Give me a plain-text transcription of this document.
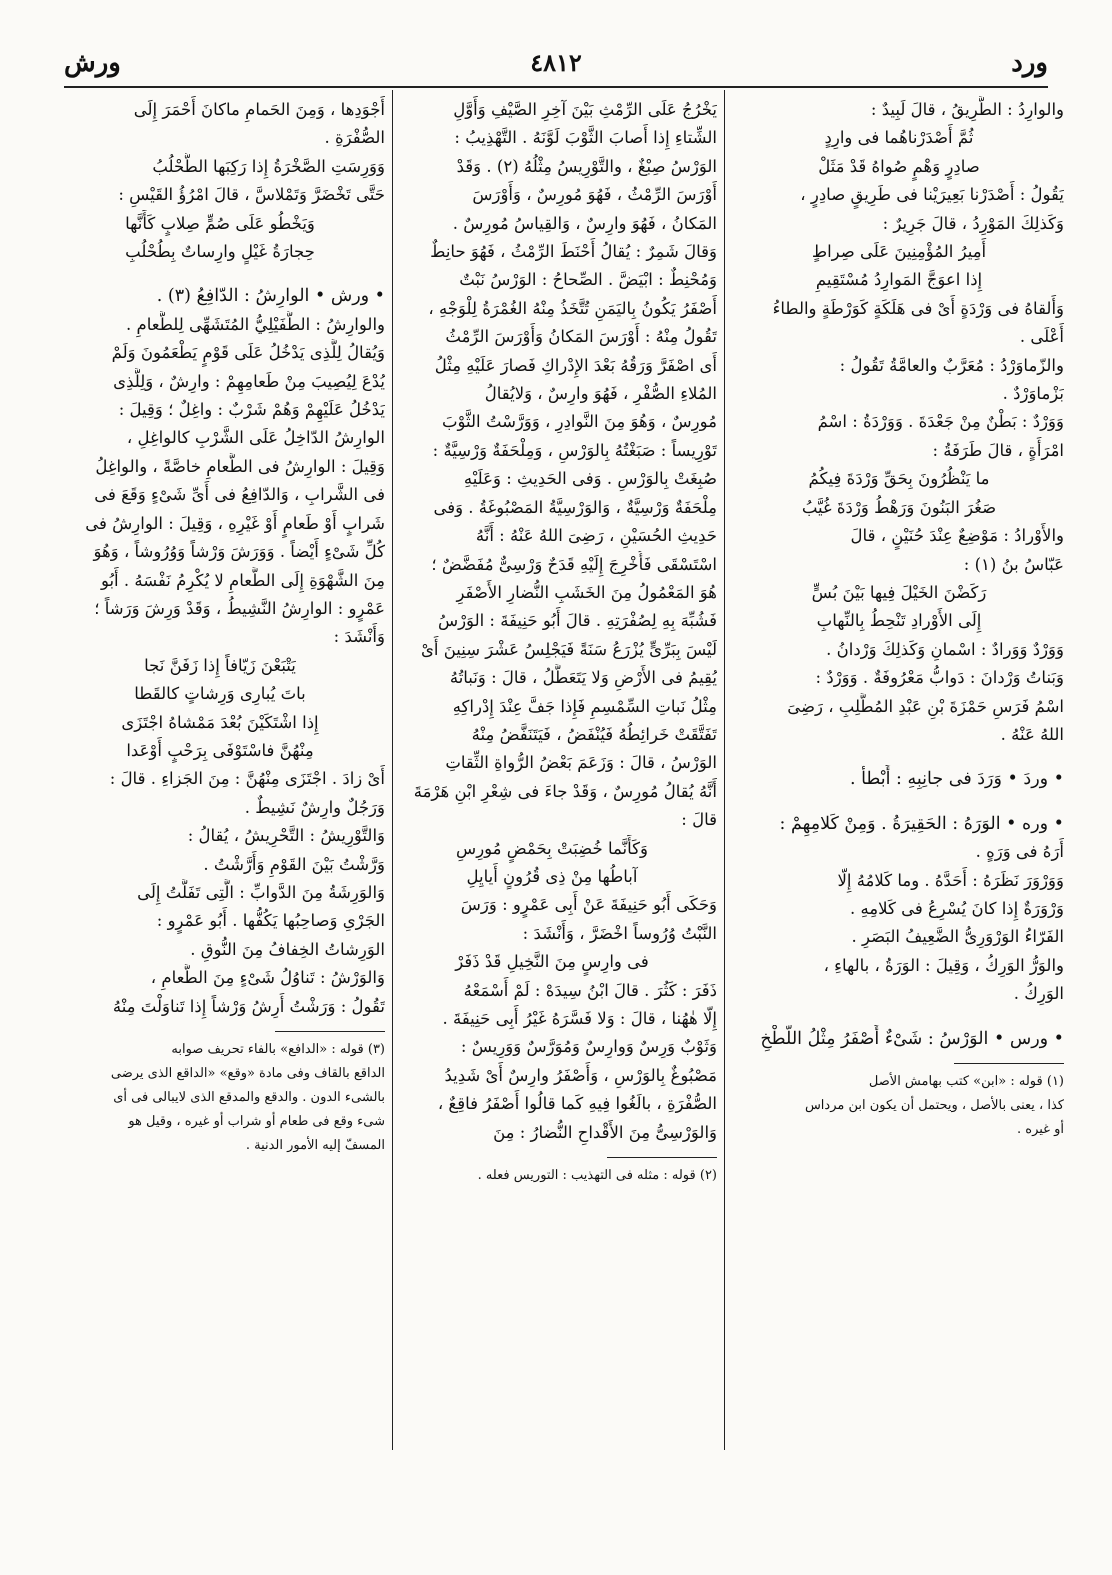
ورد
٤٨١٢
ورش
والوارِدُ : الطَّرِيقُ ، قالَ لَبِيدٌ :
ثُمَّ أَصْدَرْناهُما فى وارِدٍ
صادِرٍ وَهْمٍ صُواهُ قَدْ مَثَلْ
يَقُولُ : أَصْدَرْنا بَعِيرَيْنا فى طَرِيقٍ صادِرٍ ،
وَكَذلِكَ المَوْرِدُ ، قالَ جَرِيرٌ :
أَمِيرُ المُؤْمِنِينَ عَلَى صِراطٍ
إِذا اعوَجَّ المَوارِدُ مُسْتَقِيمِ
وَأَلقاهُ فى وَرْدَةٍ أَىْ فى هَلَكَةٍ كَوَرْطَةٍ والطاءُ
أَعْلَى .
والزّماوَرْدُ : مُعَرَّبٌ والعامَّةُ تَقُولُ :
بَزْماوَرْدٌ .
وَوَرْدٌ : بَطْنٌ مِنْ جَعْدَةَ . وَوَرْدَةُ : اسْمُ
امْرَأَةٍ ، قالَ طَرَفَةُ :
ما يَنْظُرُونَ بِحَقِّ وَرْدَةَ فِيكُمُ
صَغُرَ البَنُونَ وَرَهْطُ وَرْدَةَ غُيَّبُ
والأَوْرادُ : مَوْضِعٌ عِنْدَ حُنَيْنٍ ، قالَ
عَبّاسُ بنُ (١) :
رَكَضْنَ الخَيْلَ فِيها بَيْنَ بُسٍّ
إِلَى الأَوْرادِ تَنْحِطُ بِالنِّهابِ
وَوَرْدٌ وَوَرادٌ : اسْمانِ وَكَذلِكَ وَرْدانُ .
وَبَناتُ وَرْدانَ : دَوابُّ مَعْرُوفَةٌ . وَوَرْدٌ :
اسْمُ فَرَسِ حَمْزَةَ بْنِ عَبْدِ المُطَّلِبِ ، رَضِىَ
اللهُ عَنْهُ .
• وردَ • وَرَدَ فى جانِبِهِ : أَبْطأَ .
• وره • الوَرَهُ : الحَقِيرَةُ . وَمِنْ كَلامِهِمْ :
أَرَهُ فى وَرَهٍ .
وَوَرْوَرَ نَظَرَهُ : أَحَدَّهُ . وما كَلامُهُ إِلّا
وَرْوَرَةٌ إِذا كانَ يُسْرِعُ فى كَلامِهِ .
الفَرّاءُ الوَرْوَرِىُّ الضَّعِيفُ البَصَرِ .
والوَرُّ الوَرِكُ ، وَقِيلَ : الوَرَةُ ، بالهاءِ ،
الوَرِكُ .
• ورس • الوَرْسُ : شَىْءٌ أَصْفَرُ مِثْلُ اللَّطْخِ
(١) قوله : «ابن» كتب بهامش الأصل
كذا ، يعنى بالأصل ، ويحتمل أن يكون ابن مرداس
أو غيره .
يَخْرُجُ عَلَى الرِّمْثِ بَيْنَ آخِرِ الصَّيْفِ وَأَوَّلِ
الشِّتاءِ إِذا أَصابَ الثَّوْبَ لَوَّنَهُ . التَّهْذِيبُ :
الوَرْسُ صِبْغٌ ، والتَّوْرِيسُ مِثْلُهُ (٢) . وَقَدْ
أَوْرَسَ الرِّمْثُ ، فَهُوَ مُورِسٌ ، وَأَوْرَسَ
المَكانُ ، فَهُوَ وارِسٌ ، وَالقِياسُ مُورِسٌ .
وَقالَ شَمِرٌ : يُقالُ أَحْنَطَ الرِّمْثُ ، فَهُوَ حانِطٌ
وَمُحْنِطٌ : ابْيَضَّ . الصِّحاحُ : الوَرْسُ نَبْتٌ
أَصْفَرُ يَكُونُ بِاليَمَنِ تُتَّخَذُ مِنْهُ الغُمْرَةُ لِلْوَجْهِ ،
تَقُولُ مِنْهُ : أَوْرَسَ المَكانُ وَأَوْرَسَ الرِّمْثُ
أَى اصْفَرَّ وَرَقُهُ بَعْدَ الإِدْراكِ فَصارَ عَلَيْهِ مِثْلُ
المُلاءِ الصُّفْرِ ، فَهُوَ وارِسٌ ، وَلايُقالُ
مُورِسٌ ، وَهُوَ مِنَ النَّوادِرِ ، وَوَرَّسْتُ الثَّوْبَ
تَوْرِيساً : صَبَغْتُهُ بِالوَرْسِ ، وَمِلْحَفَةٌ وَرْسِيَّةٌ :
صُبِغَتْ بِالوَرْسِ . وَفى الحَدِيثِ : وَعَلَيْهِ
مِلْحَفَةٌ وَرْسِيَّةٌ ، وَالوَرْسِيَّةُ المَصْبُوغَةُ . وَفى
حَدِيثِ الحُسَيْنِ ، رَضِىَ اللهُ عَنْهُ : أَنَّهُ
اسْتَسْقَى فَأُخْرِجَ إِلَيْهِ قَدَحٌ وَرْسِىٌّ مُفَضَّضٌ ؛
هُوَ المَعْمُولُ مِنَ الخَشَبِ النُّضارِ الأَصْفَرِ
فَشُبِّهَ بِهِ لِصُفْرَتِهِ . قالَ أَبُو حَنِيفَةَ : الوَرْسُ
لَيْسَ بِبَرِّىٍّ يُزْرَعُ سَنَةً فَيَجْلِسُ عَشْرَ سِنِينَ أَىْ
يُقِيمُ فى الأَرْضِ وَلا يَتَعَطَّلُ ، قالَ : وَنَباتُهُ
مِثْلُ نَباتِ السِّمْسِمِ فَإِذا جَفَّ عِنْدَ إِدْراكِهِ
تَفَتَّقَتْ خَرائِطُهُ فَيُنْفَضُ ، فَيَتَنَفَّضُ مِنْهُ
الوَرْسُ ، قالَ : وَزَعَمَ بَعْضُ الرُّواةِ الثِّقاتِ
أَنَّهُ يُقالُ مُورِسٌ ، وَقَدْ جاءَ فى شِعْرِ ابْنِ هَرْمَةَ
قالَ :
وَكَأَنَّما خُضِبَتْ بِحَمْضٍ مُورِسِ
آباطُها مِنْ ذِى قُرُونٍ أَيايِلِ
وَحَكَى أَبُو حَنِيفَةَ عَنْ أَبِى عَمْرٍو : وَرَسَ
النَّبْتُ وُرُوساً اخْضَرَّ ، وَأَنْشَدَ :
فى وارِسٍ مِنَ النَّخِيلِ قَدْ ذَفَرْ
ذَفَرَ : كَثُرَ . قالَ ابْنُ سِيدَهْ : لَمْ أَسْمَعْهُ
إِلّا هٰهُنا ، قالَ : وَلا فَسَّرَهُ غَيْرُ أَبِى حَنِيفَةَ .
وَثَوْبٌ وَرِسٌ وَوارِسٌ وَمُوَرَّسٌ وَوَرِيسٌ :
مَصْبُوغٌ بِالوَرْسِ ، وَأَصْفَرُ وارِسٌ أَىْ شَدِيدُ
الصُّفْرَةِ ، بالَغُوا فِيهِ كَما قالُوا أَصْفَرُ فاقِعٌ ،
وَالوَرْسِىُّ مِنَ الأَقْداحِ النُّضارُ : مِنَ
(٢) قوله : مثله فى التهذيب : التوريس فعله .
أَجْوَدِها ، وَمِنَ الحَمامِ ماكانَ أَحْمَرَ إِلَى
الصُّفْرَةِ .
وَوَرِسَتِ الصَّخْرَةُ إِذا رَكِبَها الطُّحْلُبُ
حَتَّى تَخْضَرَّ وَتَمْلاسَّ ، قالَ امْرُؤُ القَيْسِ :
وَيَخْطُو عَلَى صُمٍّ صِلابٍ كَأَنَّها
حِجارَةُ غَيْلٍ وارِساتٌ بِطُحْلُبِ
• ورش • الوارِشُ : الدّافِعُ (٣) .
والوارِشُ : الطُّفَيْلِيُّ المُتَشَهِّى لِلطَّعامِ .
وَيُقالُ لِلَّذِى يَدْخُلُ عَلَى قَوْمٍ يَطْعَمُونَ وَلَمْ
يُدْعَ لِيُصِيبَ مِنْ طَعامِهِمْ : وارِشٌ ، وَلِلَّذِى
يَدْخُلُ عَلَيْهِمْ وَهُمْ شَرْبٌ : واغِلٌ ؛ وَقِيلَ :
الوارِشُ الدّاخِلُ عَلَى الشَّرْبِ كالواغِلِ ،
وَقِيلَ : الوارِشُ فى الطَّعامِ خاصَّةً ، والواغِلُ
فى الشَّرابِ ، وَالدّافِعُ فى أَىِّ شَىْءٍ وَقَعَ فى
شَرابٍ أَوْ طَعامٍ أَوْ غَيْرِهِ ، وَقِيلَ : الوارِشُ فى
كُلِّ شَىْءٍ أَيْضاً . وَوَرَشَ وَرْشاً وَوُرُوشاً ، وَهُوَ
مِنَ الشَّهْوَةِ إِلَى الطَّعامِ لا يُكْرِمُ نَفْسَهُ . أَبُو
عَمْرٍو : الوارِشُ النَّشِيطُ ، وَقَدْ وَرِشَ وَرَشاً ؛
وَأَنْشَدَ :
يَتْبَعْنَ زَيّافاً إِذا زَفَنَّ نَجا
باتَ يُبارِى وَرِشاتٍ كالقَطا
إِذا اشْتَكَيْنَ بُعْدَ مَمْشاهُ اجْتَزَى
مِنْهُنَّ فاسْتَوْفَى بِرَحْبٍ أَوْعَدا
أَىْ زادَ . اجْتَزَى مِنْهُنَّ : مِنَ الجَزاءِ . قالَ :
وَرَجُلٌ وارِشٌ نَشِيطٌ .
وَالتَّوْرِيشُ : التَّحْرِيشُ ، يُقالُ :
وَرَّشْتُ بَيْنَ القَوْمِ وَأَرَّشْتُ .
وَالوَرِشَةُ مِنَ الدَّوابِّ : الَّتِى تَفَلَّتُ إِلَى
الجَرْىِ وَصاحِبُها يَكُفُّها . أَبُو عَمْرٍو :
الوَرِشاتُ الخِفافُ مِنَ النُّوقِ .
وَالوَرْشُ : تَناوُلُ شَىْءٍ مِنَ الطَّعامِ ،
تَقُولُ : وَرَشْتُ أَرِشُ وَرْشاً إِذا تَناوَلْتَ مِنْهُ
(٣) قوله : «الدافع» بالفاء تحريف صوابه
الداقع بالقاف وفى مادة «وقع» «الداقع الذى يرضى
بالشىء الدون . والدقع والمدقع الذى لايبالى فى أى
شىء وقع فى طعام أو شراب أو غيره ، وقيل هو
المسفّ إليه الأمور الدنية .
